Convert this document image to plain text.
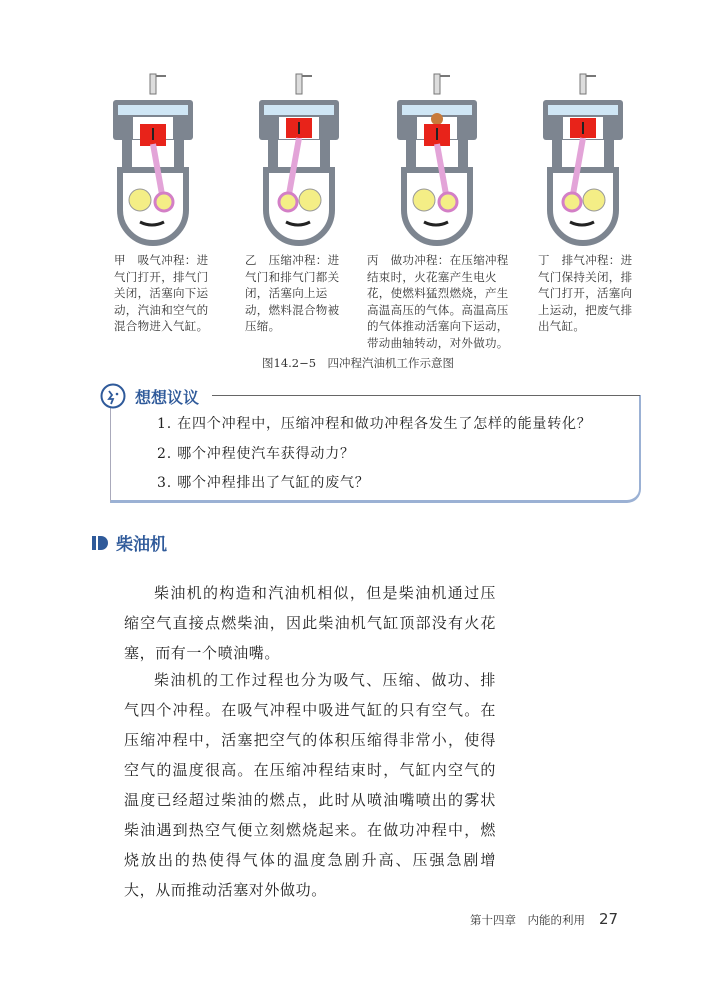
甲　吸气冲程：进
气门打开，排气门
关闭，活塞向下运
动，汽油和空气的
混合物进入气缸。
乙　压缩冲程：进
气门和排气门都关
闭，活塞向上运
动，燃料混合物被
压缩。
丙　做功冲程：在压缩冲程
结束时，火花塞产生电火
花，使燃料猛烈燃烧，产生
高温高压的气体。高温高压
的气体推动活塞向下运动，
带动曲轴转动，对外做功。
丁　排气冲程：进
气门保持关闭，排
气门打开，活塞向
上运动，把废气排
出气缸。
图14.2−5　四冲程汽油机工作示意图
想想议议
1. 在四个冲程中，压缩冲程和做功冲程各发生了怎样的能量转化？
2. 哪个冲程使汽车获得动力？
3. 哪个冲程排出了气缸的废气？
柴油机
柴油机的构造和汽油机相似，但是柴油机通过压缩空气直接点燃柴油，因此柴油机气缸顶部没有火花塞，而有一个喷油嘴。
柴油机的工作过程也分为吸气、压缩、做功、排气四个冲程。在吸气冲程中吸进气缸的只有空气。在压缩冲程中，活塞把空气的体积压缩得非常小，使得空气的温度很高。在压缩冲程结束时，气缸内空气的温度已经超过柴油的燃点，此时从喷油嘴喷出的雾状柴油遇到热空气便立刻燃烧起来。在做功冲程中，燃烧放出的热使得气体的温度急剧升高、压强急剧增大，从而推动活塞对外做功。
第十四章　内能的利用 27
